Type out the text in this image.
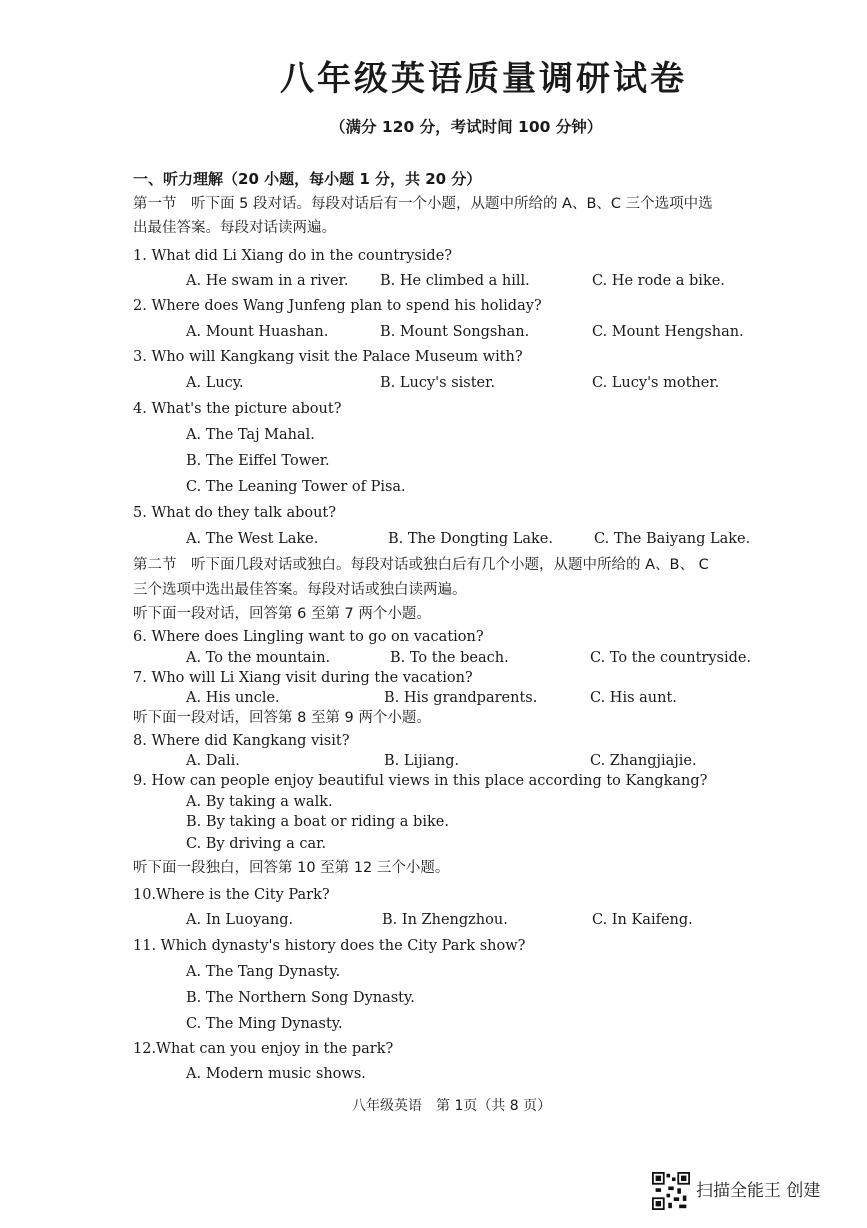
八年级英语质量调研试卷
（满分 120 分，考试时间 100 分钟）
一、听力理解（20 小题，每小题 1 分，共 20 分）
第一节　听下面 5 段对话。每段对话后有一个小题，从题中所给的 A、B、C 三个选项中选
出最佳答案。每段对话读两遍。
1. What did Li Xiang do in the countryside?
A. He swam in a river. B. He climbed a hill.	C. He rode a bike.
2. Where does Wang Junfeng plan to spend his holiday?
A. Mount Huashan.	B. Mount Songshan.	C. Mount Hengshan.
3. Who will Kangkang visit the Palace Museum with?
A. Lucy.	B. Lucy's sister.	C. Lucy's mother.
4. What's the picture about?
A. The Taj Mahal.
B. The Eiffel Tower.
C. The Leaning Tower of Pisa.
5. What do they talk about?
A. The West Lake.	B. The Dongting Lake.	C. The Baiyang Lake.
第二节　听下面几段对话或独白。每段对话或独白后有几个小题，从题中所给的 A、B、 C
三个选项中选出最佳答案。每段对话或独白读两遍。
听下面一段对话，回答第 6 至第 7 两个小题。
6. Where does Lingling want to go on vacation?
A. To the mountain.	B. To the beach.	C. To the countryside.
7. Who will Li Xiang visit during the vacation?
A. His uncle.	B. His grandparents.	C. His aunt.
听下面一段对话，回答第 8 至第 9 两个小题。
8. Where did Kangkang visit?
A. Dali.	B. Lijiang.	C. Zhangjiajie.
9. How can people enjoy beautiful views in this place according to Kangkang?
A. By taking a walk.
B. By taking a boat or riding a bike.
C. By driving a car.
听下面一段独白，回答第 10 至第 12 三个小题。
10.Where is the City Park?
A. In Luoyang.	B. In Zhengzhou.	C. In Kaifeng.
11. Which dynasty's history does the City Park show?
A. The Tang Dynasty.
B. The Northern Song Dynasty.
C. The Ming Dynasty.
12.What can you enjoy in the park?
A. Modern music shows.
八年级英语　第 1页（共 8 页）
扫描全能王 创建
